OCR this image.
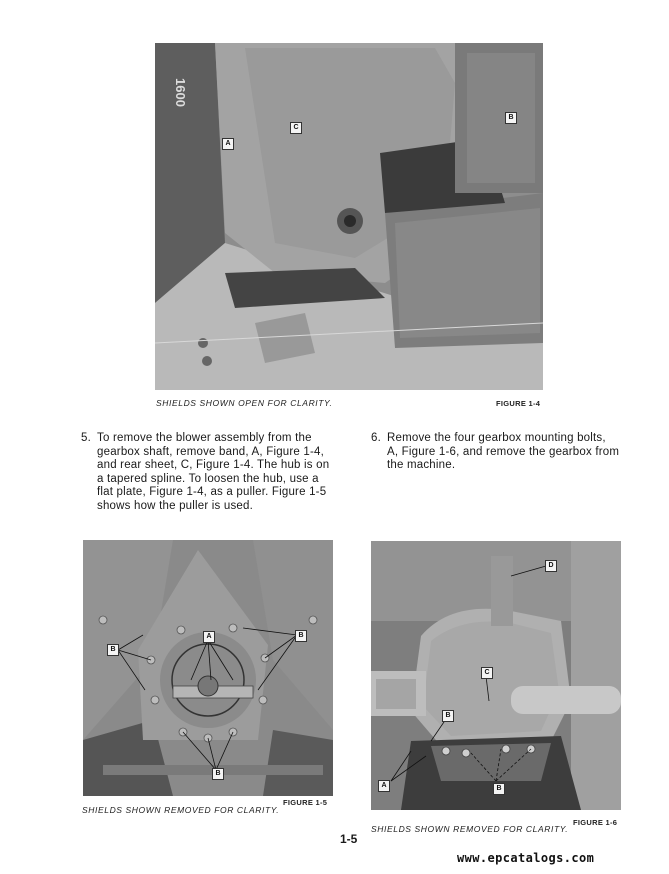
1600
A
C
B
SHIELDS SHOWN OPEN FOR CLARITY.	FIGURE 1-4
5. To remove the blower assembly from the
gearbox shaft, remove band, A, Figure 1-4,
and rear sheet, C, Figure 1-4. The hub is on
a tapered spline. To loosen the hub, use a
flat plate, Figure 1-4, as a puller. Figure 1-5
shows how the puller is used.
6. Remove the four gearbox mounting bolts,
A, Figure 1-6, and remove the gearbox from
the machine.
A
B
B
B
FIGURE 1-5
SHIELDS SHOWN REMOVED FOR CLARITY.
D
C
B
A	B
SHIELDS SHOWN REMOVED FOR CLARITY.
FIGURE 1-6
1-5
www.epcatalogs.com
